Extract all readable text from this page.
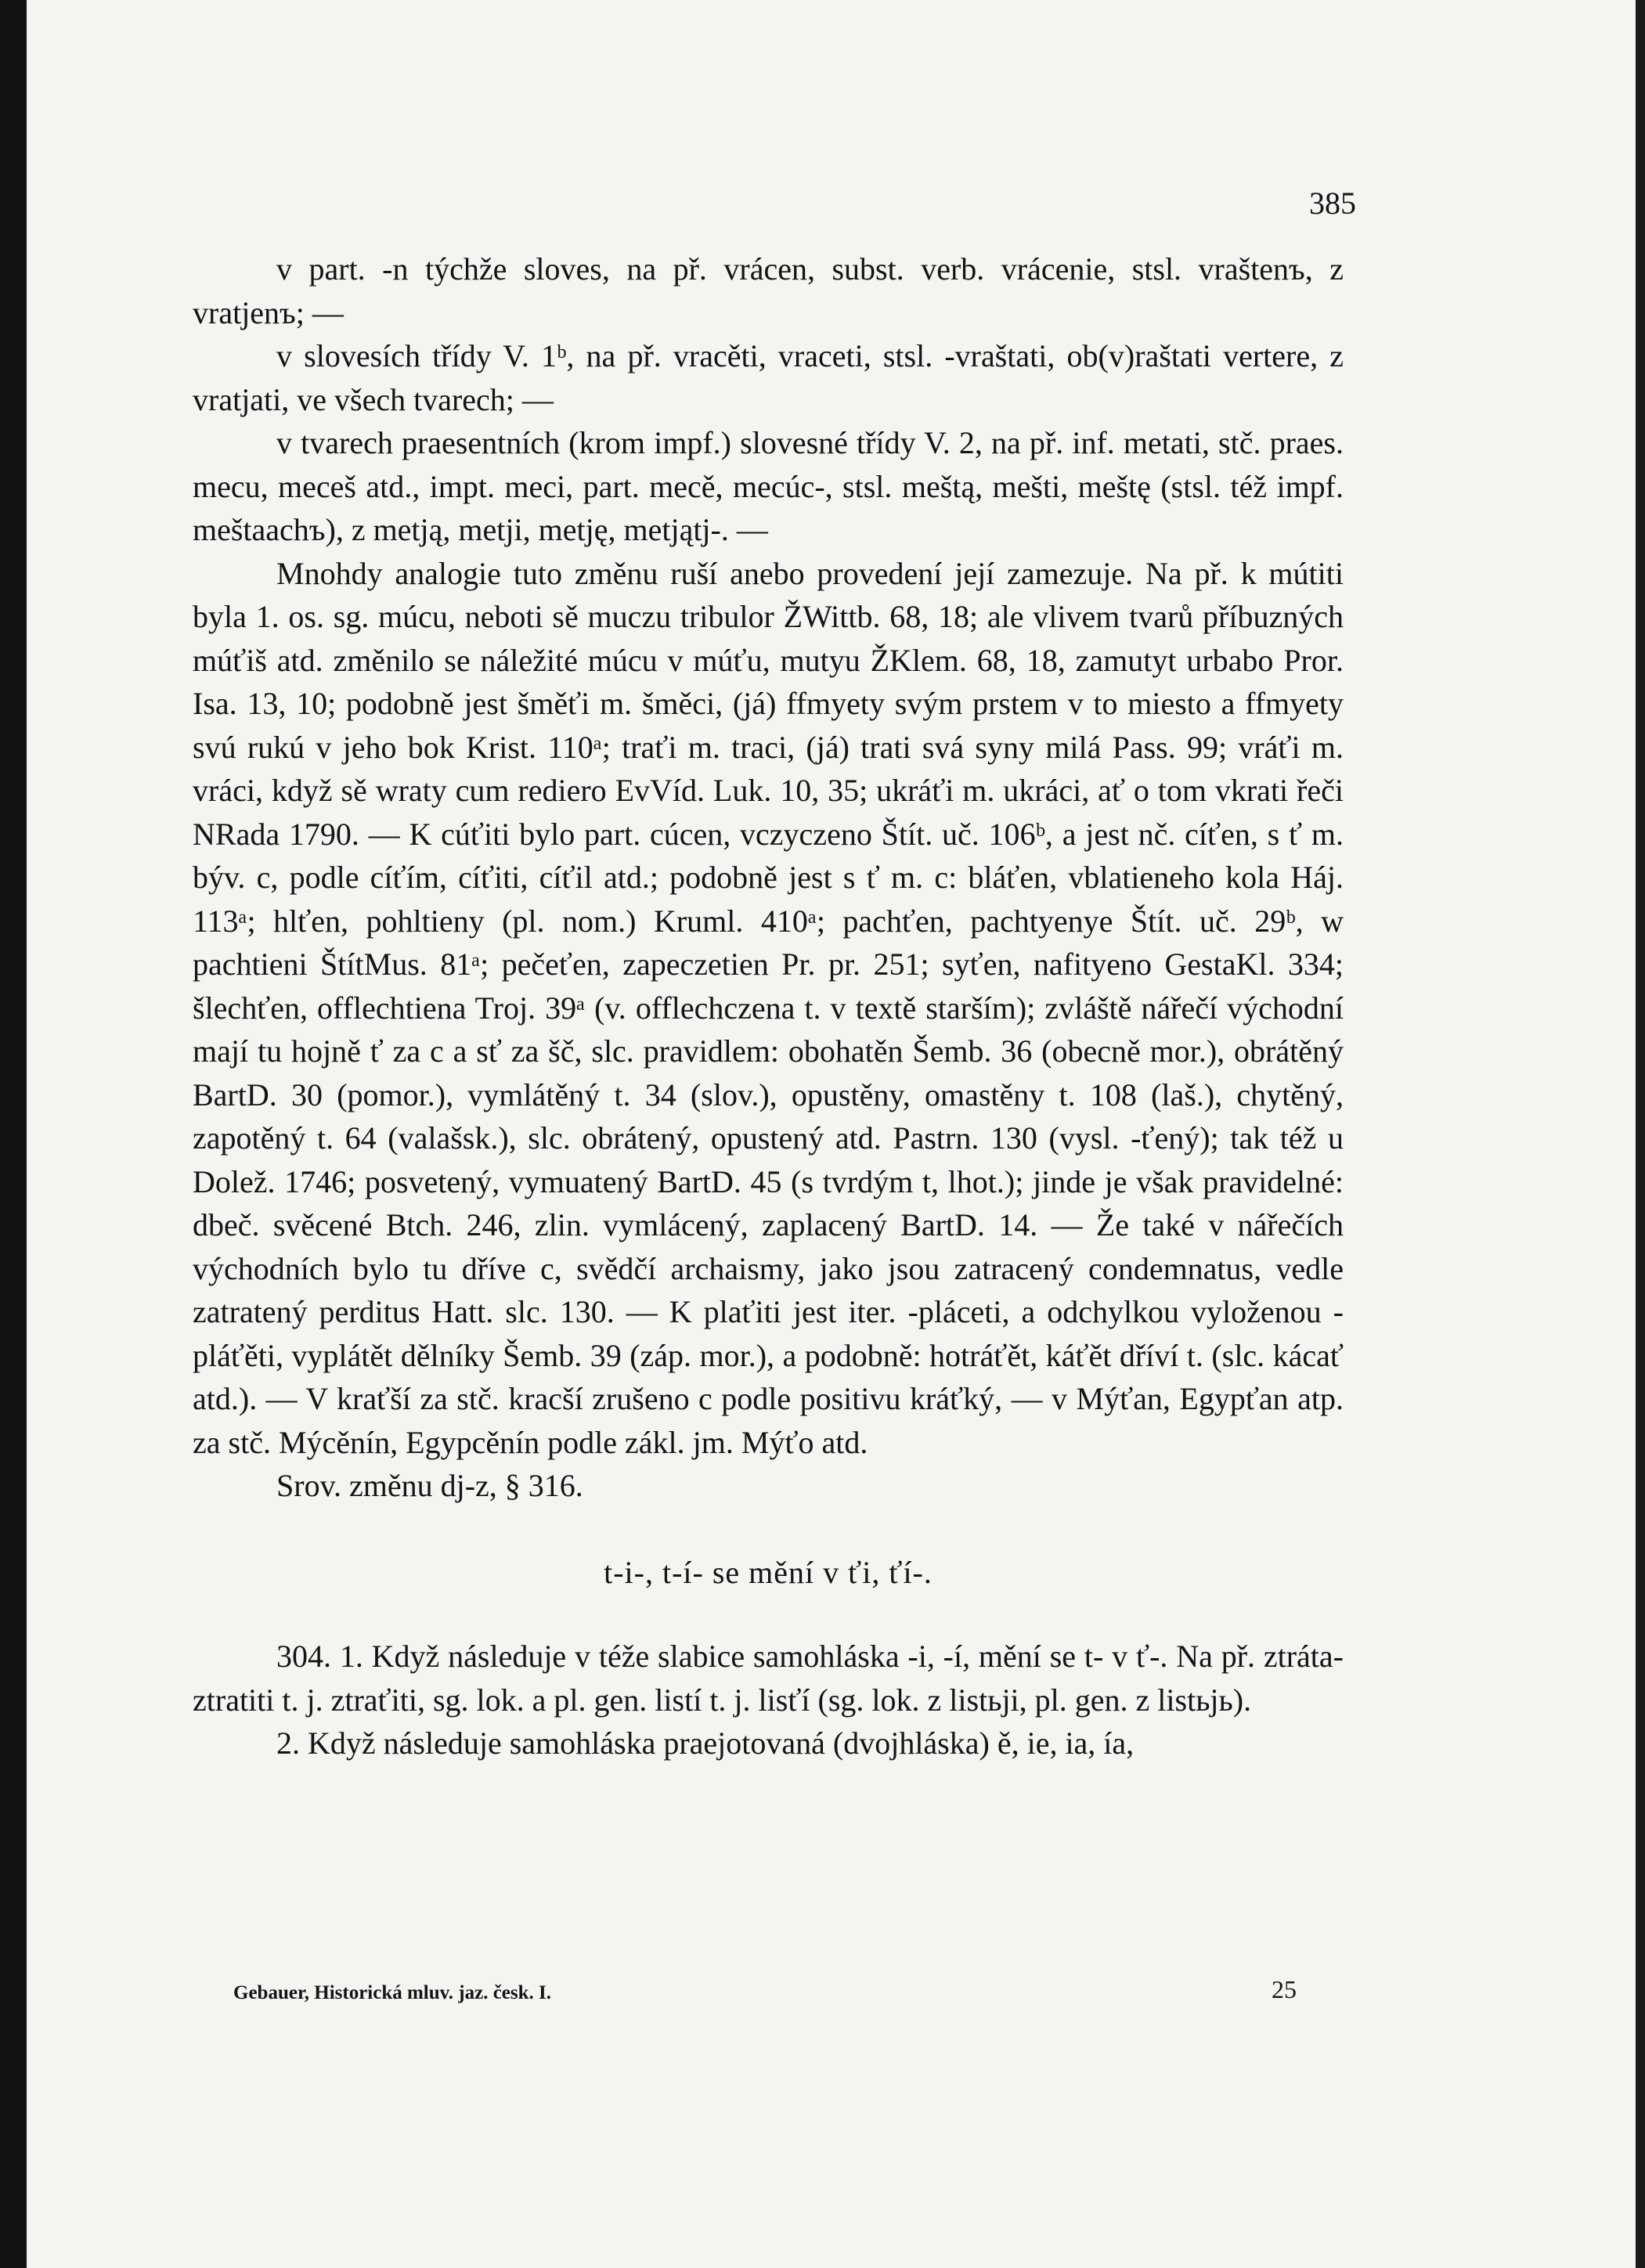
385

v part. -n týchže sloves, na př. vrácen, subst. verb. vrácenie, stsl. vraštenъ, z vratjenъ; —

v slovesích třídy V. 1ᵇ, na př. vracěti, vraceti, stsl. -vraštati, ob(v)raštati vertere, z vratjati, ve všech tvarech; —

v tvarech praesentních (krom impf.) slovesné třídy V. 2, na př. inf. metati, stč. praes. mecu, meceš atd., impt. meci, part. mecě, mecúc-, stsl. meštą, mešti, meštę (stsl. též impf. meštaachъ), z metją, metji, metję, metjątj-. —

Mnohdy analogie tuto změnu ruší anebo provedení její zamezuje. Na př. k mútiti byla 1. os. sg. múcu, neboti sě muczu tribulor ŽWittb. 68, 18; ale vlivem tvarů příbuzných múťiš atd. změnilo se náležité múcu v múťu, mutyu ŽKlem. 68, 18, zamutyt urbabo Pror. Isa. 13, 10; podobně jest šměťi m. šměci, (já) ffmyety svým prstem v to miesto a ffmyety svú rukú v jeho bok Krist. 110ᵃ; traťi m. traci, (já) trati svá syny milá Pass. 99; vráťi m. vráci, když sě wraty cum rediero EvVíd. Luk. 10, 35; ukráťi m. ukráci, ať o tom vkrati řeči NRada 1790. — K cúťiti bylo part. cúcen, vczyczeno Štít. uč. 106ᵇ, a jest nč. cíťen, s ť m. býv. c, podle cíťím, cíťiti, cíťil atd.; podobně jest s ť m. c: bláťen, vblatieneho kola Háj. 113ᵃ; hlťen, pohltienу (pl. nom.) Kruml. 410ᵃ; pachťen, pachtyenye Štít. uč. 29ᵇ, w pachtieni ŠtítMus. 81ᵃ; pečeťen, zapeczetien Pr. pr. 251; syťen, nafityeno GestaKl. 334; šlechťen, offlechtiena Troj. 39ᵃ (v. offlechczena t. v textě starším); zvláště nářečí východní mají tu hojně ť za c a sť za šč, slc. pravidlem: obohatěn Šemb. 36 (obecně mor.), obrátěný BartD. 30 (pomor.), vymlátěný t. 34 (slov.), opustěny, omastěny t. 108 (laš.), chytěný, zapotěný t. 64 (valašsk.), slc. obrátený, opustený atd. Pastrn. 130 (vysl. -ťený); tak též u Dolež. 1746; posvetený, vymuatený BartD. 45 (s tvrdým t, lhot.); jinde je však pravidelné: dbeč. svěcené Btch. 246, zlin. vymlácený, zaplacený BartD. 14. — Že také v nářečích východních bylo tu dříve c, svědčí archaismy, jako jsou zatracený condemnatus, vedle zatratený perditus Hatt. slc. 130. — K plaťiti jest iter. -pláceti, a odchylkou vyloženou -pláťěti, vyplátět dělníky Šemb. 39 (záp. mor.), a podobně: hotráťět, káťět dříví t. (slc. kácať atd.). — V kraťší za stč. kracší zrušeno c podle positivu kráťký, — v Mýťan, Egypťan atp. za stč. Mýcěnín, Egypcěnín podle zákl. jm. Mýťo atd.

Srov. změnu dj-z, § 316.

t-i-, t-í- se mění v ťi, ťí-.

304. 1. Když následuje v téže slabice samohláska -i, -í, mění se t- v ť-. Na př. ztráta-ztratiti t. j. ztraťiti, sg. lok. a pl. gen. listí t. j. lisťí (sg. lok. z listьji, pl. gen. z listьjь).

2. Když následuje samohláska praejotovaná (dvojhláska) ě, ie, ia, ía,

Gebauer, Historická mluv. jaz. česk. I.	25
